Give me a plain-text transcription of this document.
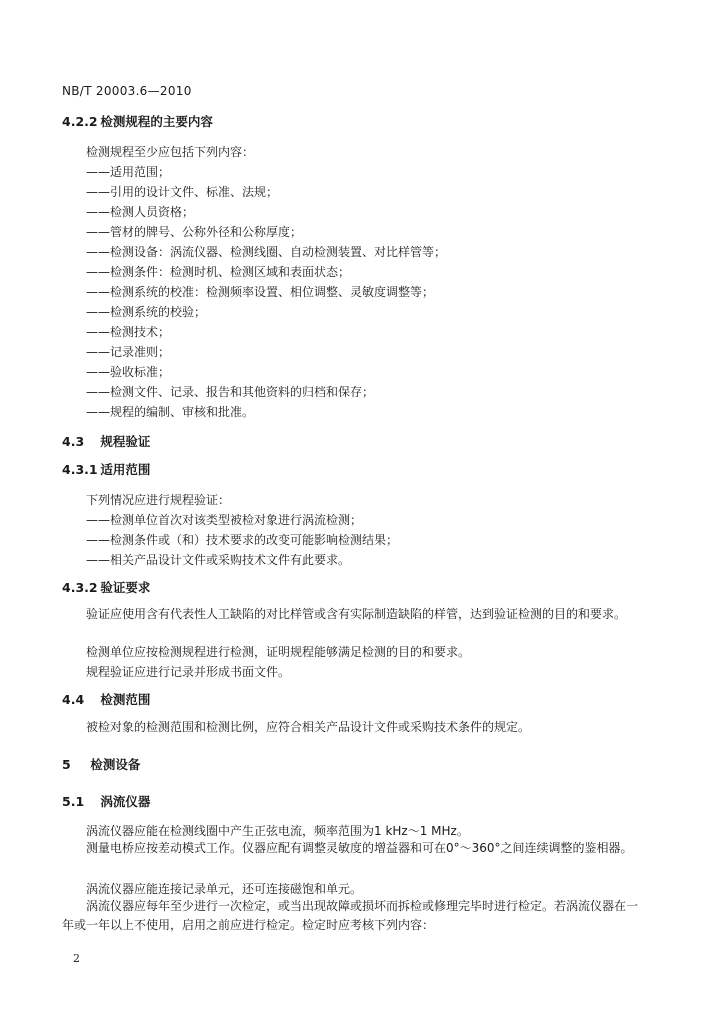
NB/T 20003.6—2010
4.2.2 检测规程的主要内容
检测规程至少应包括下列内容：
——适用范围；
——引用的设计文件、标准、法规；
——检测人员资格；
——管材的牌号、公称外径和公称厚度；
——检测设备：涡流仪器、检测线圈、自动检测装置、对比样管等；
——检测条件：检测时机、检测区域和表面状态；
——检测系统的校准：检测频率设置、相位调整、灵敏度调整等；
——检测系统的校验；
——检测技术；
——记录准则；
——验收标准；
——检测文件、记录、报告和其他资料的归档和保存；
——规程的编制、审核和批准。
4.3 规程验证
4.3.1 适用范围
下列情况应进行规程验证：
——检测单位首次对该类型被检对象进行涡流检测；
——检测条件或（和）技术要求的改变可能影响检测结果；
——相关产品设计文件或采购技术文件有此要求。
4.3.2 验证要求
验证应使用含有代表性人工缺陷的对比样管或含有实际制造缺陷的样管，达到验证检测的目的和要求。
检测单位应按检测规程进行检测，证明规程能够满足检测的目的和要求。
规程验证应进行记录并形成书面文件。
4.4 检测范围
被检对象的检测范围和检测比例，应符合相关产品设计文件或采购技术条件的规定。
5 检测设备
5.1 涡流仪器
涡流仪器应能在检测线圈中产生正弦电流，频率范围为1 kHz～1 MHz。
测量电桥应按差动模式工作。仪器应配有调整灵敏度的增益器和可在0°～360°之间连续调整的鉴相器。
涡流仪器应能连接记录单元，还可连接磁饱和单元。
涡流仪器应每年至少进行一次检定，或当出现故障或损坏而拆检或修理完毕时进行检定。若涡流仪器在一年或一年以上不使用，启用之前应进行检定。检定时应考核下列内容：
2
